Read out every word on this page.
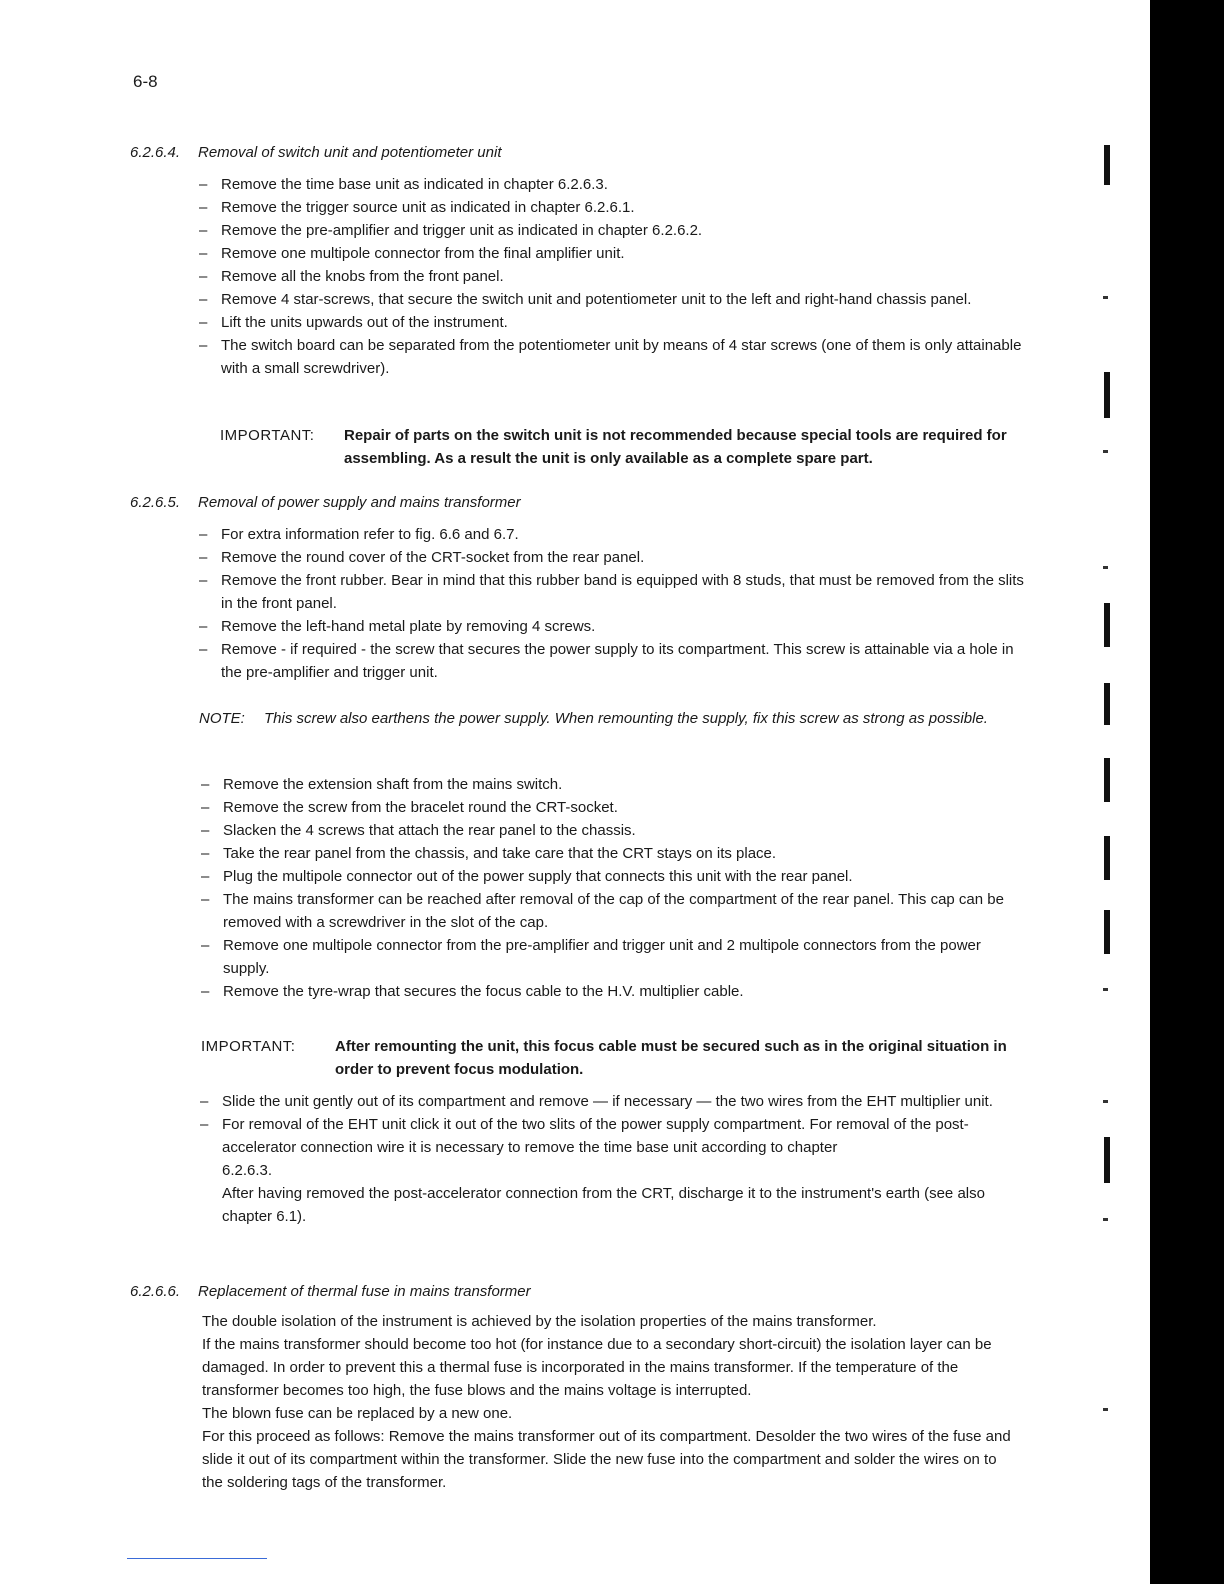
6-8
6.2.6.4. Removal of switch unit and potentiometer unit
– Remove the time base unit as indicated in chapter 6.2.6.3.
– Remove the trigger source unit as indicated in chapter 6.2.6.1.
– Remove the pre-amplifier and trigger unit as indicated in chapter 6.2.6.2.
– Remove one multipole connector from the final amplifier unit.
– Remove all the knobs from the front panel.
– Remove 4 star-screws, that secure the switch unit and potentiometer unit to the left and right-hand chassis panel.
– Lift the units upwards out of the instrument.
– The switch board can be separated from the potentiometer unit by means of 4 star screws (one of them is only attainable with a small screwdriver).
IMPORTANT:	Repair of parts on the switch unit is not recommended because special tools are required for assembling. As a result the unit is only available as a complete spare part.
6.2.6.5. Removal of power supply and mains transformer
– For extra information refer to fig. 6.6 and 6.7.
– Remove the round cover of the CRT-socket from the rear panel.
– Remove the front rubber. Bear in mind that this rubber band is equipped with 8 studs, that must be removed from the slits in the front panel.
– Remove the left-hand metal plate by removing 4 screws.
– Remove - if required - the screw that secures the power supply to its compartment. This screw is attainable via a hole in the pre-amplifier and trigger unit.
NOTE:	This screw also earthens the power supply. When remounting the supply, fix this screw as strong as possible.
– Remove the extension shaft from the mains switch.
– Remove the screw from the bracelet round the CRT-socket.
– Slacken the 4 screws that attach the rear panel to the chassis.
– Take the rear panel from the chassis, and take care that the CRT stays on its place.
– Plug the multipole connector out of the power supply that connects this unit with the rear panel.
– The mains transformer can be reached after removal of the cap of the compartment of the rear panel. This cap can be removed with a screwdriver in the slot of the cap.
– Remove one multipole connector from the pre-amplifier and trigger unit and 2 multipole connectors from the power supply.
– Remove the tyre-wrap that secures the focus cable to the H.V. multiplier cable.
IMPORTANT:	After remounting the unit, this focus cable must be secured such as in the original situation in order to prevent focus modulation.
– Slide the unit gently out of its compartment and remove — if necessary — the two wires from the EHT multiplier unit.
– For removal of the EHT unit click it out of the two slits of the power supply compartment. For removal of the post-accelerator connection wire it is necessary to remove the time base unit according to chapter
6.2.6.3.
After having removed the post-accelerator connection from the CRT, discharge it to the instrument's earth (see also chapter 6.1).
6.2.6.6. Replacement of thermal fuse in mains transformer

The double isolation of the instrument is achieved by the isolation properties of the mains transformer.

If the mains transformer should become too hot (for instance due to a secondary short-circuit) the isolation layer can be damaged. In order to prevent this a thermal fuse is incorporated in the mains transformer. If the temperature of the transformer becomes too high, the fuse blows and the mains voltage is interrupted.

The blown fuse can be replaced by a new one.

For this proceed as follows: Remove the mains transformer out of its compartment. Desolder the two wires of the fuse and slide it out of its compartment within the transformer. Slide the new fuse into the compartment and solder the wires on to the soldering tags of the transformer.
